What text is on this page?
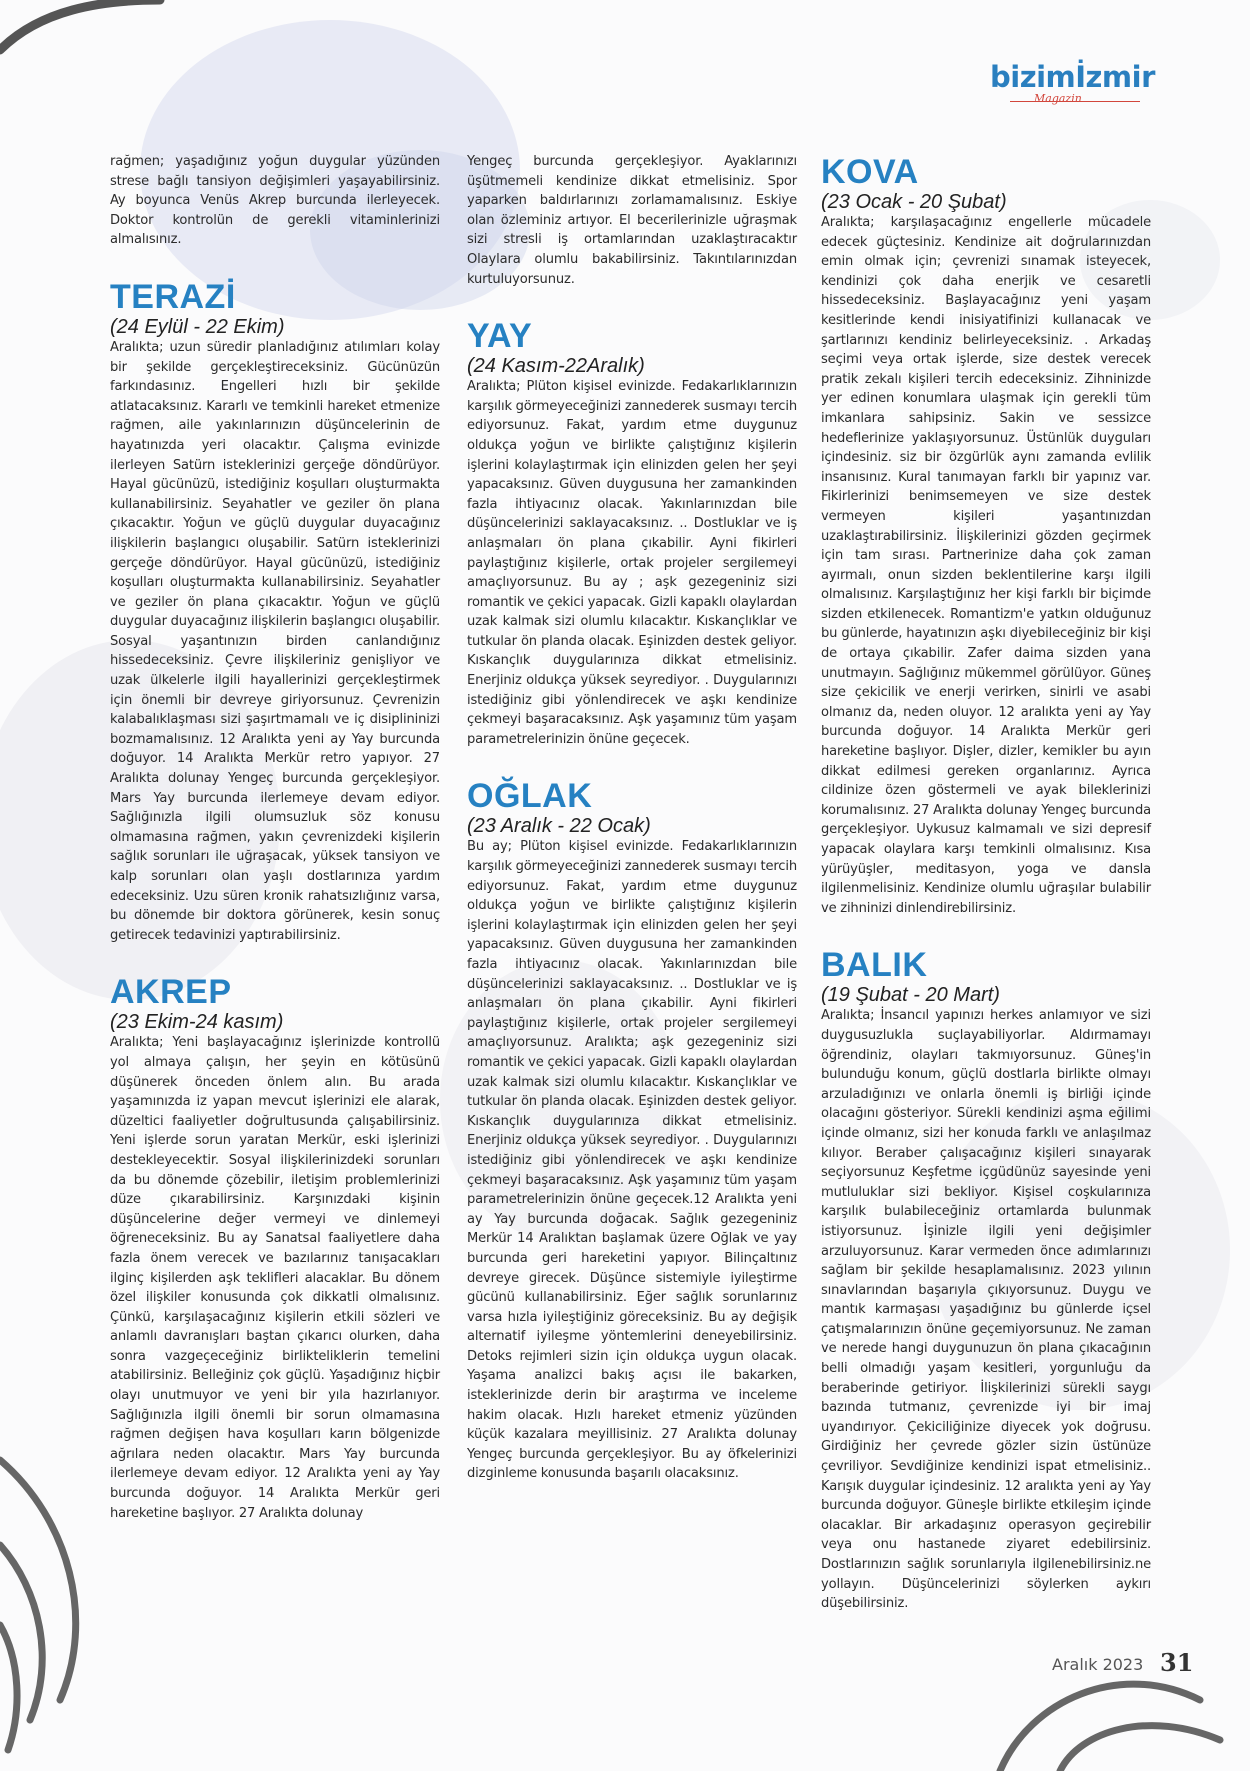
bizimİzmir
Magazin

rağmen; yaşadığınız yoğun duygular yüzünden strese bağlı tansiyon değişimleri yaşayabilirsiniz. Ay boyunca Venüs Akrep burcunda ilerleyecek. Doktor kontrolün de gerekli vitaminlerinizi almalısınız.

TERAZİ

(24 Eylül - 22 Ekim)

Aralıkta; uzun süredir planladığınız atılımları kolay bir şekilde gerçekleştireceksiniz. Gücünüzün farkındasınız. Engelleri hızlı bir şekilde atlatacaksınız. Kararlı ve temkinli hareket etmenize rağmen, aile yakınlarınızın düşüncelerinin de hayatınızda yeri olacaktır. Çalışma evinizde ilerleyen Satürn isteklerinizi gerçeğe döndürüyor. Hayal gücünüzü, istediğiniz koşulları oluşturmakta kullanabilirsiniz. Seyahatler ve geziler ön plana çıkacaktır. Yoğun ve güçlü duygular duyacağınız ilişkilerin başlangıcı oluşabilir. Satürn isteklerinizi gerçeğe döndürüyor. Hayal gücünüzü, istediğiniz koşulları oluşturmakta kullanabilirsiniz. Seyahatler ve geziler ön plana çıkacaktır. Yoğun ve güçlü duygular duyacağınız ilişkilerin başlangıcı oluşabilir. Sosyal yaşantınızın birden canlandığınız hissedeceksiniz. Çevre ilişkileriniz genişliyor ve uzak ülkelerle ilgili hayallerinizi gerçekleştirmek için önemli bir devreye giriyorsunuz. Çevrenizin kalabalıklaşması sizi şaşırtmamalı ve iç disiplininizi bozmamalısınız. 12 Aralıkta yeni ay Yay burcunda doğuyor. 14 Aralıkta Merkür retro yapıyor. 27 Aralıkta dolunay Yengeç burcunda gerçekleşiyor. Mars Yay burcunda ilerlemeye devam ediyor. Sağlığınızla ilgili olumsuzluk söz konusu olmamasına rağmen, yakın çevrenizdeki kişilerin sağlık sorunları ile uğraşacak, yüksek tansiyon ve kalp sorunları olan yaşlı dostlarınıza yardım edeceksiniz. Uzu süren kronik rahatsızlığınız varsa, bu dönemde bir doktora görünerek, kesin sonuç getirecek tedavinizi yaptırabilirsiniz.

AKREP

(23 Ekim-24 kasım)

Aralıkta; Yeni başlayacağınız işlerinizde kontrollü yol almaya çalışın, her şeyin en kötüsünü düşünerek önceden önlem alın. Bu arada yaşamınızda iz yapan mevcut işlerinizi ele alarak, düzeltici faaliyetler doğrultusunda çalışabilirsiniz. Yeni işlerde sorun yaratan Merkür, eski işlerinizi destekleyecektir. Sosyal ilişkilerinizdeki sorunları da bu dönemde çözebilir, iletişim problemlerinizi düze çıkarabilirsiniz. Karşınızdaki kişinin düşüncelerine değer vermeyi ve dinlemeyi öğreneceksiniz. Bu ay Sanatsal faaliyetlere daha fazla önem verecek ve bazılarınız tanışacakları ilginç kişilerden aşk teklifleri alacaklar. Bu dönem özel ilişkiler konusunda çok dikkatli olmalısınız. Çünkü, karşılaşacağınız kişilerin etkili sözleri ve anlamlı davranışları baştan çıkarıcı olurken, daha sonra vazgeçeceğiniz birlikteliklerin temelini atabilirsiniz. Belleğiniz çok güçlü. Yaşadığınız hiçbir olayı unutmuyor ve yeni bir yıla hazırlanıyor. Sağlığınızla ilgili önemli bir sorun olmamasına rağmen değişen hava koşulları karın bölgenizde ağrılara neden olacaktır. Mars Yay burcunda ilerlemeye devam ediyor. 12 Aralıkta yeni ay Yay burcunda doğuyor. 14 Aralıkta Merkür geri hareketine başlıyor. 27 Aralıkta dolunay

Yengeç burcunda gerçekleşiyor. Ayaklarınızı üşütmemeli kendinize dikkat etmelisiniz. Spor yaparken baldırlarınızı zorlamamalısınız. Eskiye olan özleminiz artıyor. El becerilerinizle uğraşmak sizi stresli iş ortamlarından uzaklaştıracaktır Olaylara olumlu bakabilirsiniz. Takıntılarınızdan kurtuluyorsunuz.

YAY

(24 Kasım-22Aralık)

Aralıkta; Plüton kişisel evinizde. Fedakarlıklarınızın karşılık görmeyeceğinizi zannederek susmayı tercih ediyorsunuz. Fakat, yardım etme duygunuz oldukça yoğun ve birlikte çalıştığınız kişilerin işlerini kolaylaştırmak için elinizden gelen her şeyi yapacaksınız. Güven duygusuna her zamankinden fazla ihtiyacınız olacak. Yakınlarınızdan bile düşüncelerinizi saklayacaksınız. .. Dostluklar ve iş anlaşmaları ön plana çıkabilir. Ayni fikirleri paylaştığınız kişilerle, ortak projeler sergilemeyi amaçlıyorsunuz. Bu ay ; aşk gezegeniniz sizi romantik ve çekici yapacak. Gizli kapaklı olaylardan uzak kalmak sizi olumlu kılacaktır. Kıskançlıklar ve tutkular ön planda olacak. Eşinizden destek geliyor. Kıskançlık duygularınıza dikkat etmelisiniz. Enerjiniz oldukça yüksek seyrediyor. . Duygularınızı istediğiniz gibi yönlendirecek ve aşkı kendinize çekmeyi başaracaksınız. Aşk yaşamınız tüm yaşam parametrelerinizin önüne geçecek.

OĞLAK

(23 Aralık - 22 Ocak)

Bu ay; Plüton kişisel evinizde. Fedakarlıklarınızın karşılık görmeyeceğinizi zannederek susmayı tercih ediyorsunuz. Fakat, yardım etme duygunuz oldukça yoğun ve birlikte çalıştığınız kişilerin işlerini kolaylaştırmak için elinizden gelen her şeyi yapacaksınız. Güven duygusuna her zamankinden fazla ihtiyacınız olacak. Yakınlarınızdan bile düşüncelerinizi saklayacaksınız. .. Dostluklar ve iş anlaşmaları ön plana çıkabilir. Ayni fikirleri paylaştığınız kişilerle, ortak projeler sergilemeyi amaçlıyorsunuz. Aralıkta; aşk gezegeniniz sizi romantik ve çekici yapacak. Gizli kapaklı olaylardan uzak kalmak sizi olumlu kılacaktır. Kıskançlıklar ve tutkular ön planda olacak. Eşinizden destek geliyor. Kıskançlık duygularınıza dikkat etmelisiniz. Enerjiniz oldukça yüksek seyrediyor. . Duygularınızı istediğiniz gibi yönlendirecek ve aşkı kendinize çekmeyi başaracaksınız. Aşk yaşamınız tüm yaşam parametrelerinizin önüne geçecek.12 Aralıkta yeni ay Yay burcunda doğacak. Sağlık gezegeniniz Merkür 14 Aralıktan başlamak üzere Oğlak ve yay burcunda geri hareketini yapıyor. Bilinçaltınız devreye girecek. Düşünce sistemiyle iyileştirme gücünü kullanabilirsiniz. Eğer sağlık sorunlarınız varsa hızla iyileştiğiniz göreceksiniz. Bu ay değişik alternatif iyileşme yöntemlerini deneyebilirsiniz. Detoks rejimleri sizin için oldukça uygun olacak. Yaşama analizci bakış açısı ile bakarken, isteklerinizde derin bir araştırma ve inceleme hakim olacak. Hızlı hareket etmeniz yüzünden küçük kazalara meyillisiniz. 27 Aralıkta dolunay Yengeç burcunda gerçekleşiyor. Bu ay öfkelerinizi dizginleme konusunda başarılı olacaksınız.

KOVA

(23 Ocak - 20 Şubat)

Aralıkta; karşılaşacağınız engellerle mücadele edecek güçtesiniz. Kendinize ait doğrularınızdan emin olmak için; çevrenizi sınamak isteyecek, kendinizi çok daha enerjik ve cesaretli hissedeceksiniz. Başlayacağınız yeni yaşam kesitlerinde kendi inisiyatifinizi kullanacak ve şartlarınızı kendiniz belirleyeceksiniz. . Arkadaş seçimi veya ortak işlerde, size destek verecek pratik zekalı kişileri tercih edeceksiniz. Zihninizde yer edinen konumlara ulaşmak için gerekli tüm imkanlara sahipsiniz. Sakin ve sessizce hedeflerinize yaklaşıyorsunuz. Üstünlük duyguları içindesiniz. siz bir özgürlük aynı zamanda evlilik insanısınız. Kural tanımayan farklı bir yapınız var. Fikirlerinizi benimsemeyen ve size destek vermeyen kişileri yaşantınızdan uzaklaştırabilirsiniz. İlişkilerinizi gözden geçirmek için tam sırası. Partnerinize daha çok zaman ayırmalı, onun sizden beklentilerine karşı ilgili olmalısınız. Karşılaştığınız her kişi farklı bir biçimde sizden etkilenecek. Romantizm'e yatkın olduğunuz bu günlerde, hayatınızın aşkı diyebileceğiniz bir kişi de ortaya çıkabilir. Zafer daima sizden yana unutmayın. Sağlığınız mükemmel görülüyor. Güneş size çekicilik ve enerji verirken, sinirli ve asabi olmanız da, neden oluyor. 12 aralıkta yeni ay Yay burcunda doğuyor. 14 Aralıkta Merkür geri hareketine başlıyor. Dişler, dizler, kemikler bu ayın dikkat edilmesi gereken organlarınız. Ayrıca cildinize özen göstermeli ve ayak bileklerinizi korumalısınız. 27 Aralıkta dolunay Yengeç burcunda gerçekleşiyor. Uykusuz kalmamalı ve sizi depresif yapacak olaylara karşı temkinli olmalısınız. Kısa yürüyüşler, meditasyon, yoga ve dansla ilgilenmelisiniz. Kendinize olumlu uğraşılar bulabilir ve zihninizi dinlendirebilirsiniz.

BALIK

(19 Şubat - 20 Mart)

Aralıkta; İnsancıl yapınızı herkes anlamıyor ve sizi duygusuzlukla suçlayabiliyorlar. Aldırmamayı öğrendiniz, olayları takmıyorsunuz. Güneş'in bulunduğu konum, güçlü dostlarla birlikte olmayı arzuladığınızı ve onlarla önemli iş birliği içinde olacağını gösteriyor. Sürekli kendinizi aşma eğilimi içinde olmanız, sizi her konuda farklı ve anlaşılmaz kılıyor. Beraber çalışacağınız kişileri sınayarak seçiyorsunuz Keşfetme içgüdünüz sayesinde yeni mutluluklar sizi bekliyor. Kişisel coşkularınıza karşılık bulabileceğiniz ortamlarda bulunmak istiyorsunuz. İşinizle ilgili yeni değişimler arzuluyorsunuz. Karar vermeden önce adımlarınızı sağlam bir şekilde hesaplamalısınız. 2023 yılının sınavlarından başarıyla çıkıyorsunuz. Duygu ve mantık karmaşası yaşadığınız bu günlerde içsel çatışmalarınızın önüne geçemiyorsunuz. Ne zaman ve nerede hangi duygunuzun ön plana çıkacağının belli olmadığı yaşam kesitleri, yorgunluğu da beraberinde getiriyor. İlişkilerinizi sürekli saygı bazında tutmanız, çevrenizde iyi bir imaj uyandırıyor. Çekiciliğinize diyecek yok doğrusu. Girdiğiniz her çevrede gözler sizin üstünüze çevriliyor. Sevdiğinize kendinizi ispat etmelisiniz.. Karışık duygular içindesiniz. 12 aralıkta yeni ay Yay burcunda doğuyor. Güneşle birlikte etkileşim içinde olacaklar. Bir arkadaşınız operasyon geçirebilir veya onu hastanede ziyaret edebilirsiniz. Dostlarınızın sağlık sorunlarıyla ilgilenebilirsiniz.ne yollayın. Düşüncelerinizi söylerken aykırı düşebilirsiniz.

Aralık 2023 31
